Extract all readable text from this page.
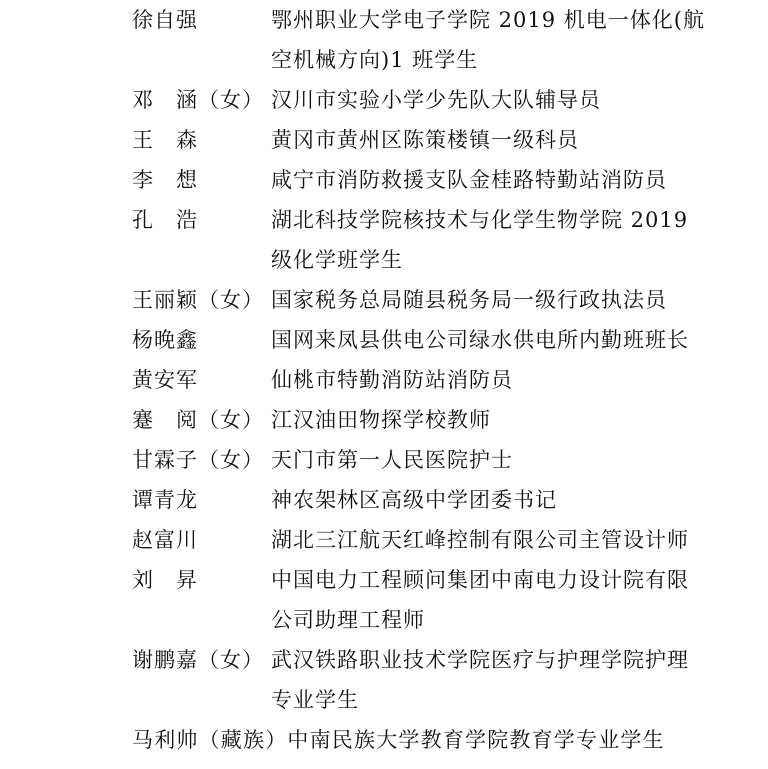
徐自强	鄂州职业大学电子学院 2019 机电一体化(航
空机械方向)1 班学生
邓　涵（女） 汉川市实验小学少先队大队辅导员
王　森	黄冈市黄州区陈策楼镇一级科员
李　想	咸宁市消防救援支队金桂路特勤站消防员
孔　浩	湖北科技学院核技术与化学生物学院 2019
级化学班学生
王丽颖（女） 国家税务总局随县税务局一级行政执法员
杨晚鑫	国网来凤县供电公司绿水供电所内勤班班长
黄安军	仙桃市特勤消防站消防员
蹇　阅（女） 江汉油田物探学校教师
甘霖子（女） 天门市第一人民医院护士
谭青龙	神农架林区高级中学团委书记
赵富川	湖北三江航天红峰控制有限公司主管设计师
刘　昇	中国电力工程顾问集团中南电力设计院有限
公司助理工程师
谢鹏嘉（女） 武汉铁路职业技术学院医疗与护理学院护理
专业学生
马利帅（藏族）中南民族大学教育学院教育学专业学生
